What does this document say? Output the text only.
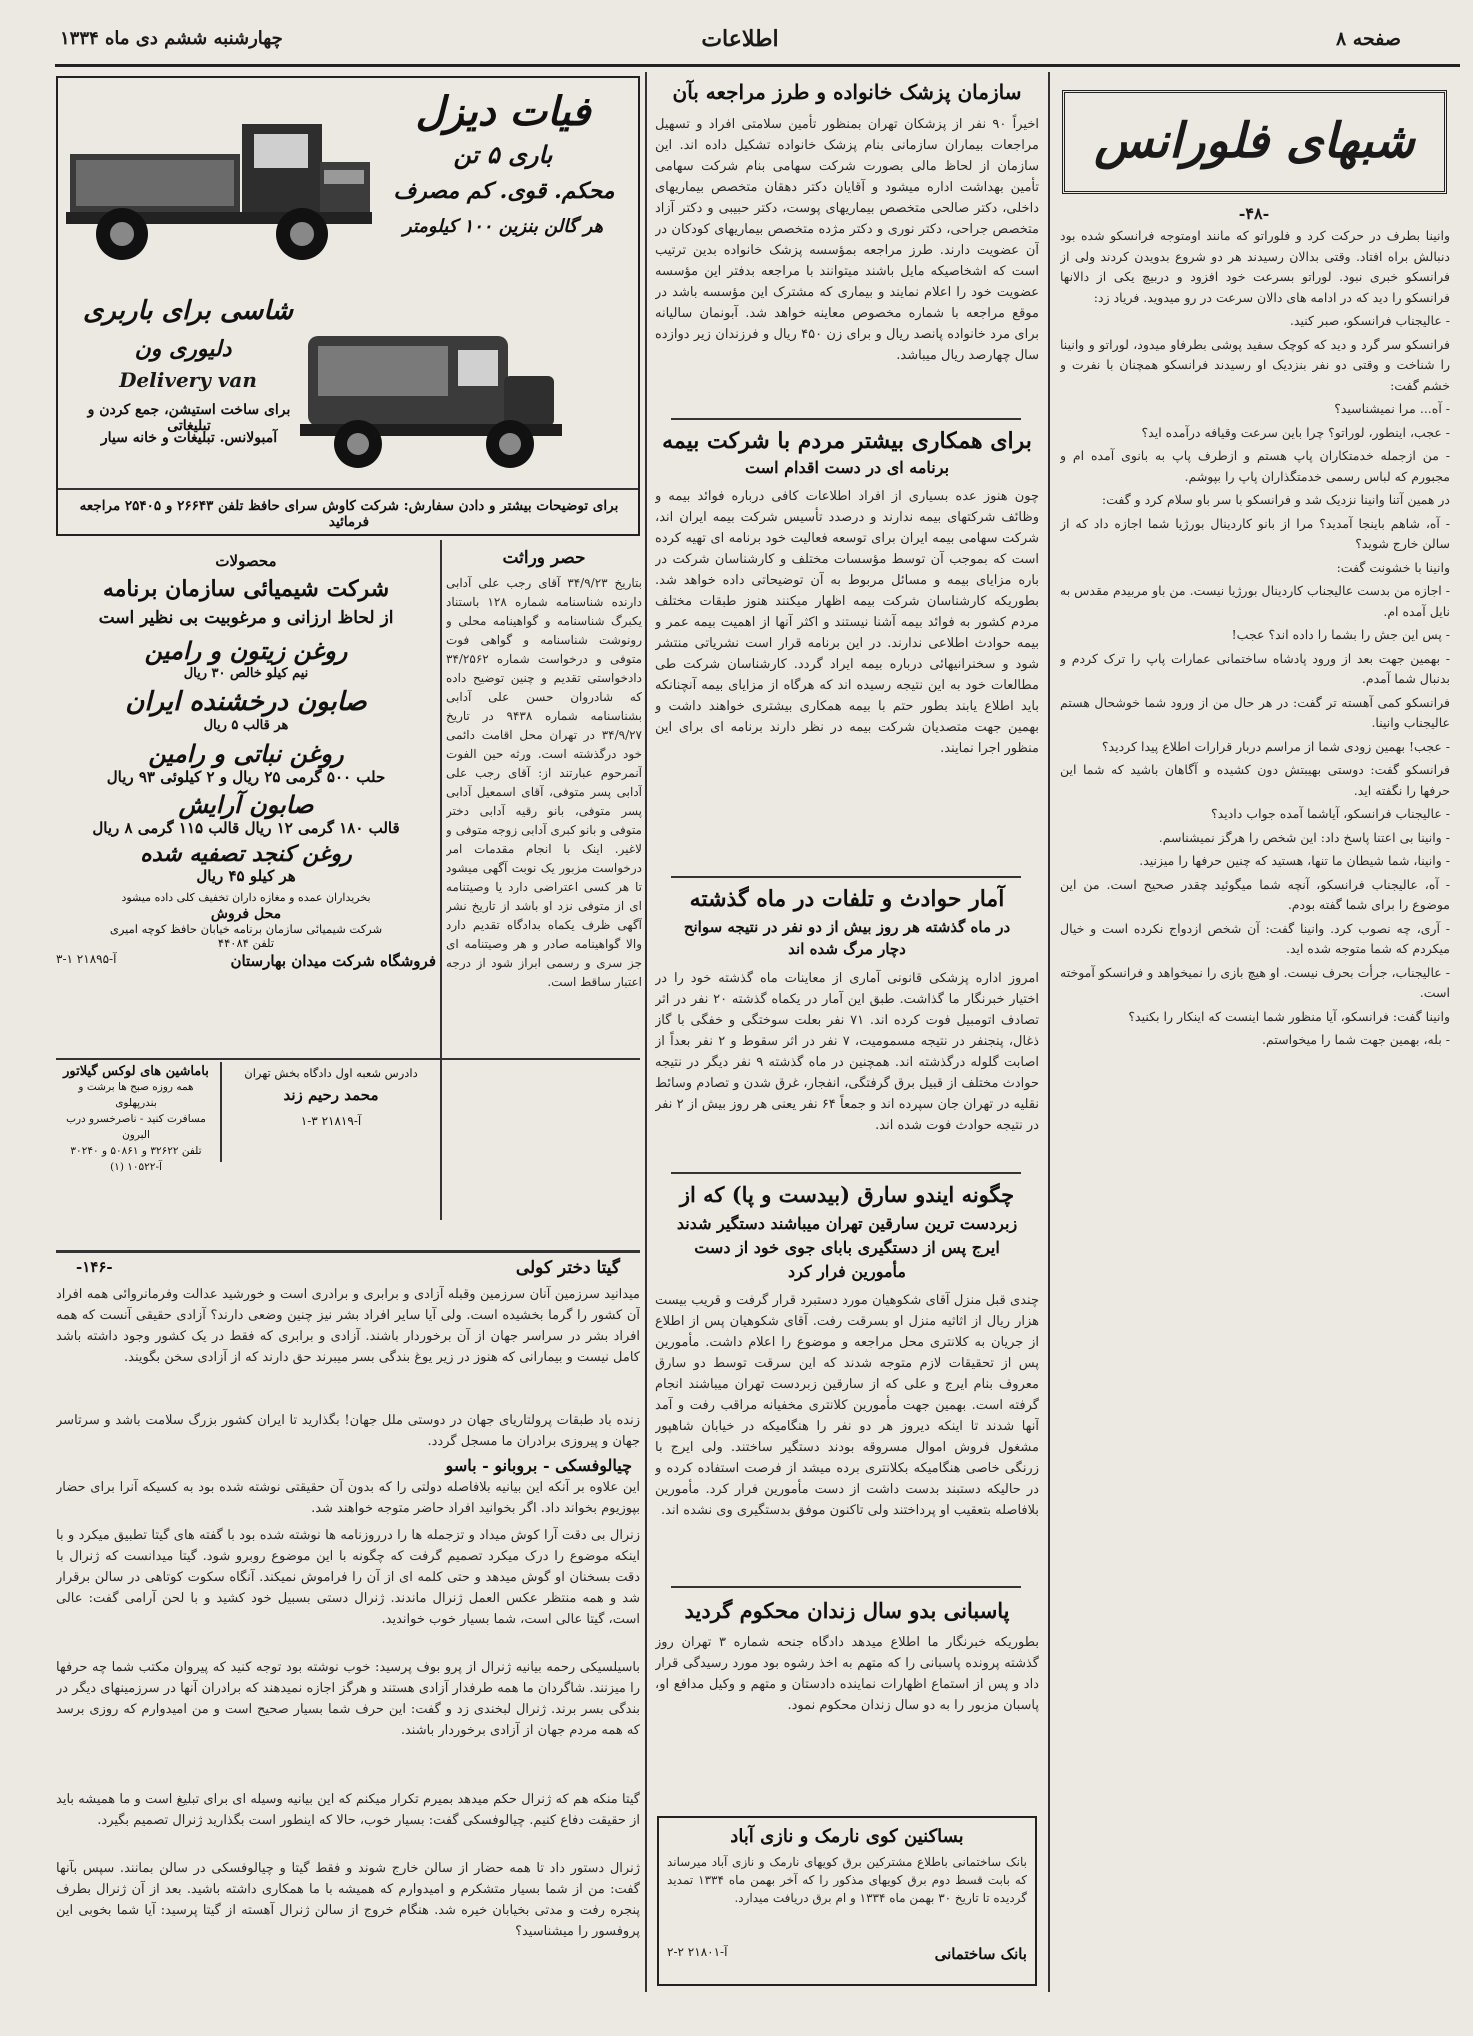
صفحه ۸
اطلاعات
چهارشنبه ششم دی ماه ۱۳۳۴
شبهای فلورانس
-۴۸-

وانینا بطرف در حرکت کرد و فلوراتو که مانند اومتوجه فرانسکو شده بود دنبالش براه افتاد. وقتی بدالان رسیدند هر دو شروع بدویدن کردند ولی از فرانسکو خبری نبود. لوراتو بسرعت خود افزود و دربیچ یکی از دالانها فرانسکو را دید که در ادامه های دالان سرعت در رو میدوید. فریاد زد:

- عالیجناب فرانسکو، صبر کنید.

فرانسکو سر گرد و دید که کوچک سفید پوشی بطرفاو میدود، لوراتو و وانینا را شناخت و وقتی دو نفر بنزدیک او رسیدند فرانسکو همچنان با نفرت و خشم گفت:

- آه... مرا نمیشناسید؟

- عجب، اینطور، لوراتو؟ چرا باین سرعت وقیافه درآمده اید؟

- من ازجمله خدمتکاران پاپ هستم و ازطرف پاپ به بانوی آمده ام و مجبورم که لباس رسمی خدمتگذاران پاپ را بپوشم.

در همین آتنا وانینا نزدیک شد و فرانسکو با سر باو سلام کرد و گفت:

- آه، شاهم باینجا آمدید؟ مرا از بانو کاردینال بورژیا شما اجازه داد که از سالن خارج شوید؟

وانینا با خشونت گفت:

- اجازه من بدست عالیجناب کاردینال بورژیا نیست. من باو مربیدم مقدس به نایل آمده ام.

- پس این جش را بشما را داده اند؟ عجب!

- بهمین جهت بعد از ورود پادشاه ساختمانی عمارات پاپ را ترک کردم و بدنبال شما آمدم.

فرانسکو کمی آهسته تر گفت: در هر حال من از ورود شما خوشحال هستم عالیجناب وانینا.

- عجب! بهمین زودی شما از مراسم دربار قرارات اطلاع پیدا کردید؟

فرانسکو گفت: دوستی بهیبتش دون کشیده و آگاهان باشید که شما این حرفها را نگفته اید.

- عالیجناب فرانسکو، آیاشما آمده جواب دادید؟

- وانینا بی اعتنا پاسخ داد: این شخص را هرگز نمیشناسم.

- وانینا، شما شیطان ما تنها، هستید که چنین حرفها را میزنید.

- آه، عالیجناب فرانسکو، آنچه شما میگوئید چقدر صحیح است. من این موضوع را برای شما گفته بودم.

- آری، چه نصوب کرد. وانینا گفت: آن شخص ازدواج نکرده است و خیال میکردم که شما متوجه شده اید.

- عالیجناب، جرأت بحرف نیست. او هیچ بازی را نمیخواهد و فرانسکو آموخته است.

وانینا گفت: فرانسکو، آیا منظور شما اینست که اینکار را بکنید؟

- بله، بهمین جهت شما را میخواستم.

سازمان پزشک خانواده و طرز مراجعه بآن
اخیراً ۹۰ نفر از پزشکان تهران بمنظور تأمین سلامتی افراد و تسهیل مراجعات بیماران سازمانی بنام پزشک خانواده تشکیل داده اند. این سازمان از لحاظ مالی بصورت شرکت سهامی بنام شرکت سهامی تأمین بهداشت اداره میشود و آقایان دکتر دهقان متخصص بیماریهای داخلی، دکتر صالحی متخصص بیماریهای پوست، دکتر حبیبی و دکتر آزاد متخصص جراحی، دکتر نوری و دکتر مژده متخصص بیماریهای کودکان در آن عضویت دارند. طرز مراجعه بمؤسسه پزشک خانواده بدین ترتیب است که اشخاصیکه مایل باشند میتوانند با مراجعه بدفتر این مؤسسه عضویت خود را اعلام نمایند و بیماری که مشترک این مؤسسه باشد در موقع مراجعه با شماره مخصوص معاینه خواهد شد. آبونمان سالیانه برای مرد خانواده پانصد ریال و برای زن ۴۵۰ ریال و فرزندان زیر دوازده سال چهارصد ریال میباشد.
برای همکاری بیشتر مردم با شرکت بیمه
برنامه ای در دست اقدام است
چون هنوز عده بسیاری از افراد اطلاعات کافی درباره فوائد بیمه و وظائف شرکتهای بیمه ندارند و درصدد تأسیس شرکت بیمه ایران اند، شرکت سهامی بیمه ایران برای توسعه فعالیت خود برنامه ای تهیه کرده است که بموجب آن توسط مؤسسات مختلف و کارشناسان شرکت در باره مزایای بیمه و مسائل مربوط به آن توضیحاتی داده خواهد شد. بطوریکه کارشناسان شرکت بیمه اظهار میکنند هنوز طبقات مختلف مردم کشور به فوائد بیمه آشنا نیستند و اکثر آنها از اهمیت بیمه عمر و بیمه حوادث اطلاعی ندارند. در این برنامه قرار است نشریاتی منتشر شود و سخنرانیهائی درباره بیمه ایراد گردد. کارشناسان شرکت طی مطالعات خود به این نتیجه رسیده اند که هرگاه از مزایای بیمه آنچنانکه باید اطلاع یابند بطور حتم با بیمه همکاری بیشتری خواهند داشت و بهمین جهت متصدیان شرکت بیمه در نظر دارند برنامه ای برای این منظور اجرا نمایند.
آمار حوادث و تلفات در ماه گذشته
در ماه گذشته هر روز بیش از دو نفر در نتیجه سوانح
دچار مرگ شده اند
امروز اداره پزشکی قانونی آماری از معاینات ماه گذشته خود را در اختیار خبرنگار ما گذاشت. طبق این آمار در یکماه گذشته ۲۰ نفر در اثر تصادف اتومبیل فوت کرده اند. ۷۱ نفر بعلت سوختگی و خفگی با گاز ذغال، پنجنفر در نتیجه مسمومیت، ۷ نفر در اثر سقوط و ۲ نفر بعداً از اصابت گلوله درگذشته اند. همچنین در ماه گذشته ۹ نفر دیگر در نتیجه حوادث مختلف از قبیل برق گرفتگی، انفجار، غرق شدن و تصادم وسائط نقلیه در تهران جان سپرده اند و جمعاً ۶۴ نفر یعنی هر روز بیش از ۲ نفر در نتیجه حوادث فوت شده اند.
چگونه ایندو سارق (بیدست و پا) که از
زبردست ترین سارقین تهران میباشند دستگیر شدند
ایرج پس از دستگیری بابای جوی خود از دست
مأمورین فرار کرد
چندی قبل منزل آقای شکوهیان مورد دستبرد قرار گرفت و قریب بیست هزار ریال از اثاثیه منزل او بسرقت رفت. آقای شکوهیان پس از اطلاع از جریان به کلانتری محل مراجعه و موضوع را اعلام داشت. مأمورین پس از تحقیقات لازم متوجه شدند که این سرقت توسط دو سارق معروف بنام ایرج و علی که از سارقین زبردست تهران میباشند انجام گرفته است. بهمین جهت مأمورین کلانتری مخفیانه مراقب رفت و آمد آنها شدند تا اینکه دیروز هر دو نفر را هنگامیکه در خیابان شاهپور مشغول فروش اموال مسروقه بودند دستگیر ساختند. ولی ایرج با زرنگی خاصی هنگامیکه بکلانتری برده میشد از فرصت استفاده کرده و در حالیکه دستبند بدست داشت از دست مأمورین فرار کرد. مأمورین بلافاصله بتعقیب او پرداختند ولی تاکنون موفق بدستگیری وی نشده اند.
پاسبانی بدو سال زندان محکوم گردید
بطوریکه خبرنگار ما اطلاع میدهد دادگاه جنحه شماره ۳ تهران روز گذشته پرونده پاسبانی را که متهم به اخذ رشوه بود مورد رسیدگی قرار داد و پس از استماع اظهارات نماینده دادستان و متهم و وکیل مدافع او، پاسبان مزبور را به دو سال زندان محکوم نمود.
بساکنین کوی نارمک و نازی آباد
بانک ساختمانی باطلاع مشترکین برق کویهای نارمک و نازی آباد میرساند که بابت قسط دوم برق کویهای مذکور را که آخر بهمن ماه ۱۳۳۴ تمدید گردیده تا تاریخ ۳۰ بهمن ماه ۱۳۳۴ و ام برق دریافت میدارد.
بانک ساختمانی
آ-۲۱۸۰۱ ۲-۲
فیات دیزل
باری ۵ تن
محکم. قوی. کم مصرف
هر گالن بنزین ۱۰۰ کیلومتر
شاسی برای باربری
دلیوری ون
Delivery van
برای ساخت استیشن، جمع کردن و تبلیغاتی
آمبولانس. تبلیغات و خانه سیار
برای توضیحات بیشتر و دادن سفارش: شرکت کاوش سرای حافظ تلفن ۲۶۶۴۳ و ۲۵۴۰۵ مراجعه فرمائید
محصولات
شرکت شیمیائی سازمان برنامه
از لحاظ ارزانی و مرغوبیت بی نظیر است
روغن زیتون و رامین
نیم کیلو خالص ۳۰ ریال
صابون درخشنده ایران
هر قالب ۵ ریال
روغن نباتی و رامین
حلب ۵۰۰ گرمی ۲۵ ریال و ۲ کیلوئی ۹۳ ریال
صابون آرایش
قالب ۱۸۰ گرمی ۱۲ ریال قالب ۱۱۵ گرمی ۸ ریال
روغن کنجد تصفیه شده
هر کیلو ۴۵ ریال
بخریداران عمده و مغازه داران تخفیف کلی داده میشود
محل فروش
شرکت شیمیائی سازمان برنامه خیابان حافظ کوچه امیری
تلفن ۴۴۰۸۴
فروشگاه شرکت میدان بهارستان
آ-۲۱۸۹۵ ۱-۳
حصر وراثت
بتاریخ ۳۴/۹/۲۳ آقای رجب علی آدابی دارنده شناسنامه شماره ۱۲۸ باستناد یکبرگ شناسنامه و گواهینامه محلی و رونوشت شناسنامه و گواهی فوت متوفی و درخواست شماره ۳۴/۲۵۶۲ دادخواستی تقدیم و چنین توضیح داده که شادروان حسن علی آدابی بشناسنامه شماره ۹۴۳۸ در تاریخ ۳۴/۹/۲۷ در تهران محل اقامت دائمی خود درگذشته است. ورثه حین الفوت آنمرحوم عبارتند از: آقای رجب علی آدابی پسر متوفی، آقای اسمعیل آدابی پسر متوفی، بانو رقیه آدابی دختر متوفی و بانو کبری آدابی زوجه متوفی و لاغیر. اینک با انجام مقدمات امر درخواست مزبور یک نوبت آگهی میشود تا هر کسی اعتراضی دارد یا وصیتنامه ای از متوفی نزد او باشد از تاریخ نشر آگهی ظرف یکماه بدادگاه تقدیم دارد والا گواهینامه صادر و هر وصیتنامه ای جز سری و رسمی ابراز شود از درجه اعتبار ساقط است.
باماشین های لوکس گیلاتور
همه روزه صبح ها برشت و بندرپهلوی
مسافرت کنید - ناصرخسرو درب البرون
تلفن ۳۲۶۲۲ و ۵۰۸۶۱ و ۳۰۲۴۰
آ-۱۰۵۲۲ (۱)
دادرس شعبه اول دادگاه بخش تهران
محمد رحیم زند
آ-۲۱۸۱۹ ۳-۱
گیتا دختر کولی
-۱۴۶-
میدانید سرزمین آنان سرزمین وقبله آزادی و برابری و برادری است و خورشید عدالت وفرمانروائی همه افراد آن کشور را گرما بخشیده است. ولی آیا سایر افراد بشر نیز چنین وضعی دارند؟ آزادی حقیقی آنست که همه افراد بشر در سراسر جهان از آن برخوردار باشند. آزادی و برابری که فقط در یک کشور وجود داشته باشد کامل نیست و بیمارانی که هنوز در زیر یوغ بندگی بسر میبرند حق دارند که از آزادی سخن بگویند.
زنده باد طبقات پرولتاریای جهان در دوستی ملل جهان! بگذارید تا ایران کشور بزرگ سلامت باشد و سرتاسر جهان و پیروزی برادران ما مسجل گردد.
چیالوفسکی - بروبانو - باسو
این علاوه بر آنکه این بیانیه بلافاصله دولتی را که بدون آن حقیقتی نوشته شده بود به کسیکه آنرا برای حضار بپوزیوم بخواند داد. اگر بخوانید افراد حاضر متوجه خواهند شد.
زنرال بی دقت آرا کوش میداد و تزجمله ها را درروزنامه ها نوشته شده بود با گفته های گیتا تطبیق میکرد و با اینکه موضوع را درک میکرد تصمیم گرفت که چگونه با این موضوع روبرو شود. گیتا میدانست که ژنرال با دقت بسخنان او گوش میدهد و حتی کلمه ای از آن را فراموش نمیکند. آنگاه سکوت کوتاهی در سالن برقرار شد و همه منتظر عکس العمل ژنرال ماندند. ژنرال دستی بسبیل خود کشید و با لحن آرامی گفت: عالی است، گیتا عالی است، شما بسیار خوب خواندید.
باسیلسیکی رحمه بیانیه ژنرال از پرو بوف پرسید: خوب نوشته بود توجه کنید که پیروان مکتب شما چه حرفها را میزنند. شاگردان ما همه طرفدار آزادی هستند و هرگز اجازه نمیدهند که برادران آنها در سرزمینهای دیگر در بندگی بسر برند. ژنرال لبخندی زد و گفت: این حرف شما بسیار صحیح است و من امیدوارم که روزی برسد که همه مردم جهان از آزادی برخوردار باشند.
گیتا منکه هم که ژنرال حکم میدهد بمیرم تکرار میکنم که این بیانیه وسیله ای برای تبلیغ است و ما همیشه باید از حقیقت دفاع کنیم. چیالوفسکی گفت: بسیار خوب، حالا که اینطور است بگذارید ژنرال تصمیم بگیرد.
ژنرال دستور داد تا همه حضار از سالن خارج شوند و فقط گیتا و چیالوفسکی در سالن بمانند. سپس بآنها گفت: من از شما بسیار متشکرم و امیدوارم که همیشه با ما همکاری داشته باشید. بعد از آن ژنرال بطرف پنجره رفت و مدتی بخیابان خیره شد. هنگام خروج از سالن ژنرال آهسته از گیتا پرسید: آیا شما بخوبی این پروفسور را میشناسید؟
